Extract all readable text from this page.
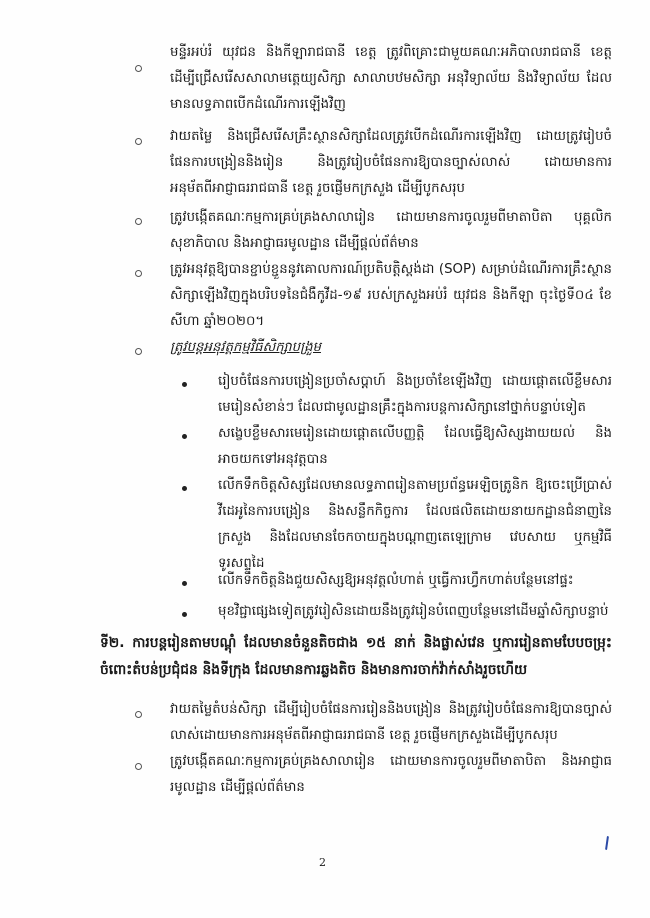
មន្ទីរអប់រំ យុវជន និងកីឡារាជធានី ខេត្ត ត្រូវពិគ្រោះជាមួយគណៈអភិបាលរាជធានី ខេត្ត ដើម្បីជ្រើសរើសសាលាមត្តេយ្យសិក្សា សាលាបឋមសិក្សា អនុវិទ្យាល័យ និងវិទ្យាល័យ ដែលមានលទ្ធភាពបើកដំណើរការឡើងវិញ

វាយតម្លៃ និងជ្រើសរើសគ្រឹះស្ថានសិក្សាដែលត្រូវបើកដំណើរការឡើងវិញ ដោយត្រូវរៀបចំផែនការបង្រៀននិងរៀន និងត្រូវរៀបចំផែនការឱ្យបានច្បាស់លាស់ ដោយមានការអនុម័តពីអាជ្ញាធររាជធានី ខេត្ត រួចផ្ញើមកក្រសួង ដើម្បីបូកសរុប

ត្រូវបង្កើតគណៈកម្មការគ្រប់គ្រងសាលារៀន ដោយមានការចូលរួមពីមាតាបិតា បុគ្គលិកសុខាភិបាល និងអាជ្ញាធរមូលដ្ឋាន ដើម្បីផ្ដល់ព័ត៌មាន

ត្រូវអនុវត្តឱ្យបានខ្ជាប់ខ្ជួននូវគោលការណ៍ប្រតិបត្តិស្តង់ដា (SOP) សម្រាប់ដំណើរការគ្រឹះស្ថានសិក្សាឡើងវិញក្នុងបរិបទនៃជំងឺកូវីដ-១៩ របស់ក្រសួងអប់រំ យុវជន និងកីឡា ចុះថ្ងៃទី០៤ ខែសីហា ឆ្នាំ២០២០។

ត្រូវបន្តអនុវត្តកម្មវិធីសិក្សាបង្រួម

រៀបចំផែនការបង្រៀនប្រចាំសប្តាហ៍ និងប្រចាំខែឡើងវិញ ដោយផ្តោតលើខ្លឹមសារមេរៀនសំខាន់ៗ ដែលជាមូលដ្ឋានគ្រឹះក្នុងការបន្តការសិក្សានៅថ្នាក់បន្ទាប់ទៀត

សង្ខេបខ្លឹមសារមេរៀនដោយផ្តោតលើបញ្ញត្តិ ដែលធ្វើឱ្យសិស្សងាយយល់ និងអាចយកទៅអនុវត្តបាន

លើកទឹកចិត្តសិស្សដែលមានលទ្ធភាពរៀនតាមប្រព័ន្ធអេឡិចត្រូនិក ឱ្យចេះប្រើប្រាស់វីដេអូនៃការបង្រៀន និងសន្លឹកកិច្ចការ ដែលផលិតដោយនាយកដ្ឋានជំនាញនៃក្រសួង និងដែលមានចែកចាយក្នុងបណ្តាញតេឡេក្រាម វេបសាយ ឬកម្មវិធីទូរសព្ទដៃ

លើកទឹកចិត្តនិងជួយសិស្សឱ្យអនុវត្តលំហាត់ ឬធ្វើការហ្វឹកហាត់បន្ថែមនៅផ្ទះ

មុខវិជ្ជាផ្សេងទៀតត្រូវរៀសិនដោយនឹងត្រូវរៀនបំពេញបន្ថែមនៅដើមឆ្នាំសិក្សាបន្ទាប់

ទី២. ការបន្តរៀនតាមបណ្តុំ ដែលមានចំនួនតិចជាង ១៥ នាក់ និងផ្លាស់វេន ឬការរៀនតាមបែបចម្រុះ ចំពោះតំបន់ប្រជុំជន និងទីក្រុង ដែលមានការឆ្លងតិច និងមានការចាក់វ៉ាក់សាំងរួចហើយ

វាយតម្លៃតំបន់សិក្សា ដើម្បីរៀបចំផែនការរៀននិងបង្រៀន និងត្រូវរៀបចំផែនការឱ្យបានច្បាស់លាស់ដោយមានការអនុម័តពីអាជ្ញាធររាជធានី ខេត្ត រួចផ្ញើមកក្រសួងដើម្បីបូកសរុប

ត្រូវបង្កើតគណៈកម្មការគ្រប់គ្រងសាលារៀន ដោយមានការចូលរួមពីមាតាបិតា និងអាជ្ញាធរមូលដ្ឋាន ដើម្បីផ្តល់ព័ត៌មាន

2
